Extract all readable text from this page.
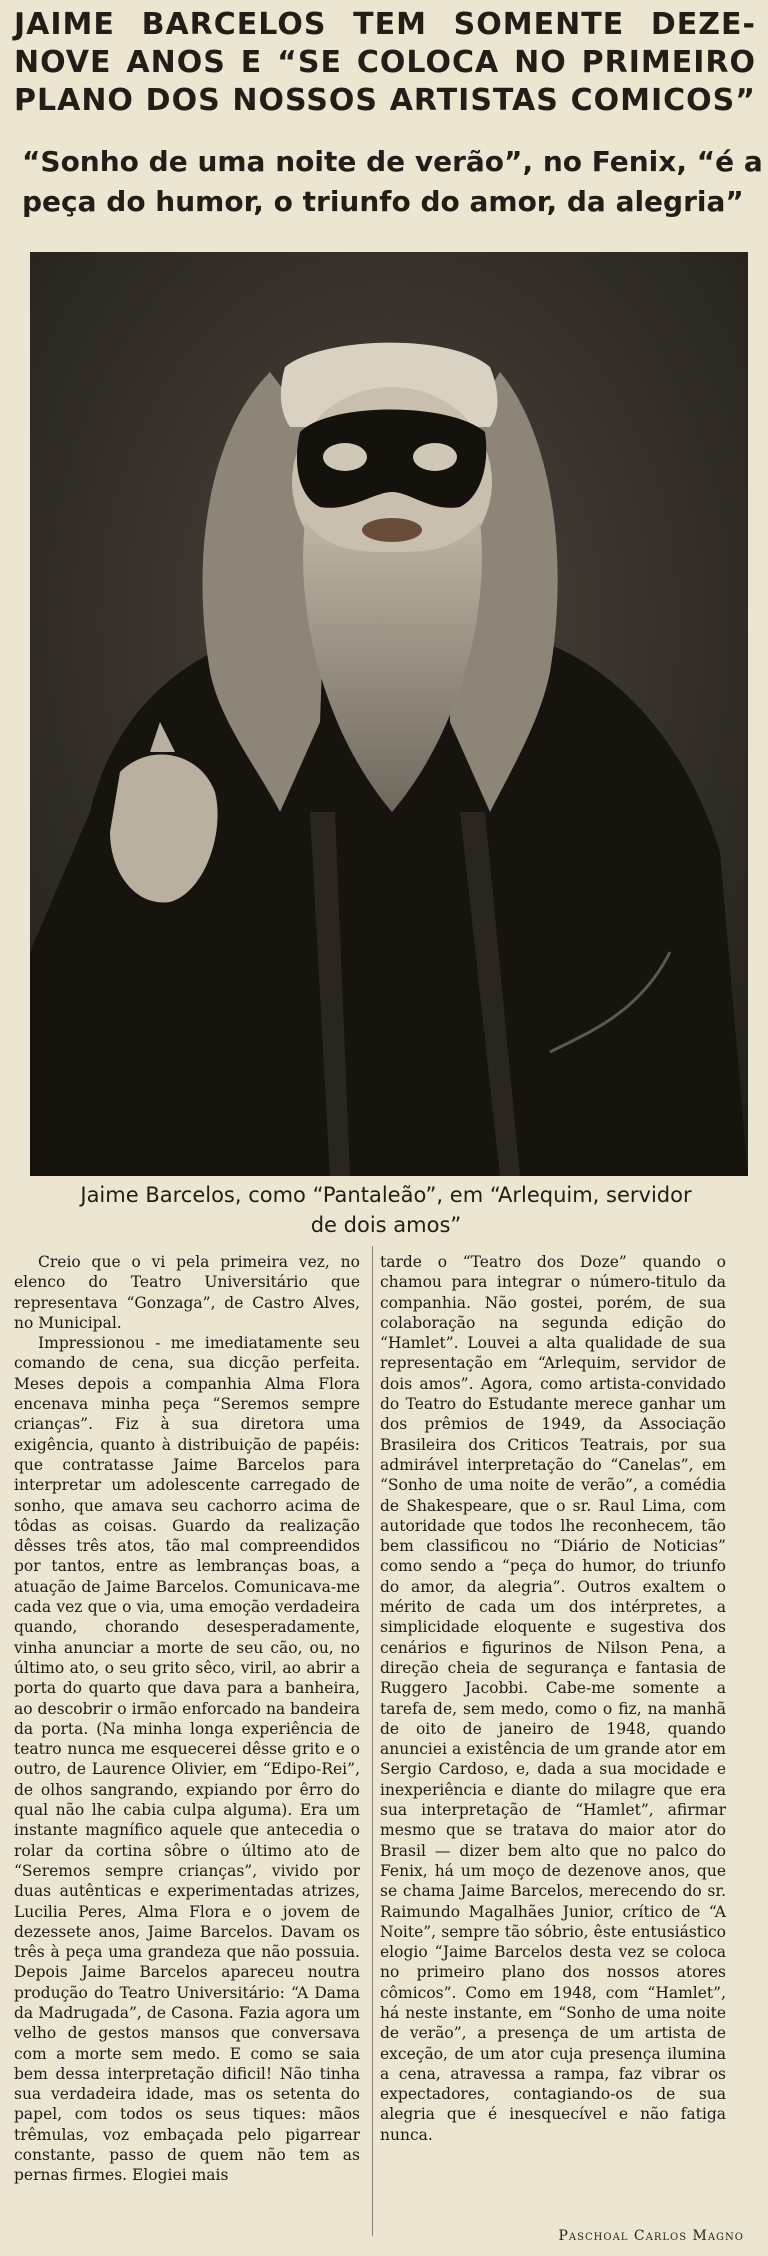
JAIME BARCELOS TEM SOMENTE DEZE-
NOVE ANOS E “SE COLOCA NO PRIMEIRO
PLANO DOS NOSSOS ARTISTAS COMICOS”
“Sonho de uma noite de verão”, no Fenix, “é a
peça do humor, o triunfo do amor, da alegria”

Jaime Barcelos, como “Pantaleão”, em “Arlequim, servidor
de dois amos”

Creio que o vi pela primeira vez, no elenco do Teatro Universitário que representava “Gonzaga”, de Castro Alves, no Municipal.

Impressionou - me imediatamente seu comando de cena, sua dicção perfeita. Meses depois a companhia Alma Flora encenava minha peça “Seremos sempre crianças”. Fiz à sua diretora uma exigência, quanto à distribuição de papéis: que contratasse Jaime Barcelos para interpretar um adolescente carregado de sonho, que amava seu cachorro acima de tôdas as coisas. Guardo da realização dêsses três atos, tão mal compreendidos por tantos, entre as lembranças boas, a atuação de Jaime Barcelos. Comunicava-me cada vez que o via, uma emoção verdadeira quando, chorando desesperadamente, vinha anunciar a morte de seu cão, ou, no último ato, o seu grito sêco, viril, ao abrir a porta do quarto que dava para a banheira, ao descobrir o irmão enforcado na bandeira da porta. (Na minha longa experiência de teatro nunca me esquecerei dêsse grito e o outro, de Laurence Olivier, em “Edipo-Rei”, de olhos sangrando, expiando por êrro do qual não lhe cabia culpa alguma). Era um instante magnífico aquele que antecedia o rolar da cortina sôbre o último ato de “Seremos sempre crianças”, vivido por duas autênticas e experimentadas atrizes, Lucilia Peres, Alma Flora e o jovem de dezessete anos, Jaime Barcelos. Davam os três à peça uma grandeza que não possuia. Depois Jaime Barcelos apareceu noutra produção do Teatro Universitário: “A Dama da Madrugada”, de Casona. Fazia agora um velho de gestos mansos que conversava com a morte sem medo. E como se saia bem dessa interpretação dificil! Não tinha sua verdadeira idade, mas os setenta do papel, com todos os seus tiques: mãos trêmulas, voz embaçada pelo pigarrear constante, passo de quem não tem as pernas firmes. Elogiei mais

tarde o “Teatro dos Doze” quando o chamou para integrar o número-titulo da companhia. Não gostei, porém, de sua colaboração na segunda edição do “Hamlet”. Louvei a alta qualidade de sua representação em “Arlequim, servidor de dois amos”. Agora, como artista-convidado do Teatro do Estudante merece ganhar um dos prêmios de 1949, da Associação Brasileira dos Criticos Teatrais, por sua admirável interpretação do “Canelas”, em “Sonho de uma noite de verão”, a comédia de Shakespeare, que o sr. Raul Lima, com autoridade que todos lhe reconhecem, tão bem classificou no “Diário de Noticias” como sendo a “peça do humor, do triunfo do amor, da alegria”. Outros exaltem o mérito de cada um dos intérpretes, a simplicidade eloquente e sugestiva dos cenários e figurinos de Nilson Pena, a direção cheia de segurança e fantasia de Ruggero Jacobbi. Cabe-me somente a tarefa de, sem medo, como o fiz, na manhã de oito de janeiro de 1948, quando anunciei a existência de um grande ator em Sergio Cardoso, e, dada a sua mocidade e inexperiência e diante do milagre que era sua interpretação de “Hamlet”, afirmar mesmo que se tratava do maior ator do Brasil — dizer bem alto que no palco do Fenix, há um moço de dezenove anos, que se chama Jaime Barcelos, merecendo do sr. Raimundo Magalhães Junior, crítico de “A Noite”, sempre tão sóbrio, êste entusiástico elogio “Jaime Barcelos desta vez se coloca no primeiro plano dos nossos atores cômicos”. Como em 1948, com “Hamlet”, há neste instante, em “Sonho de uma noite de verão”, a presença de um artista de exceção, de um ator cuja presença ilumina a cena, atravessa a rampa, faz vibrar os expectadores, contagiando-os de sua alegria que é inesquecível e não fatiga nunca.

Paschoal Carlos Magno
